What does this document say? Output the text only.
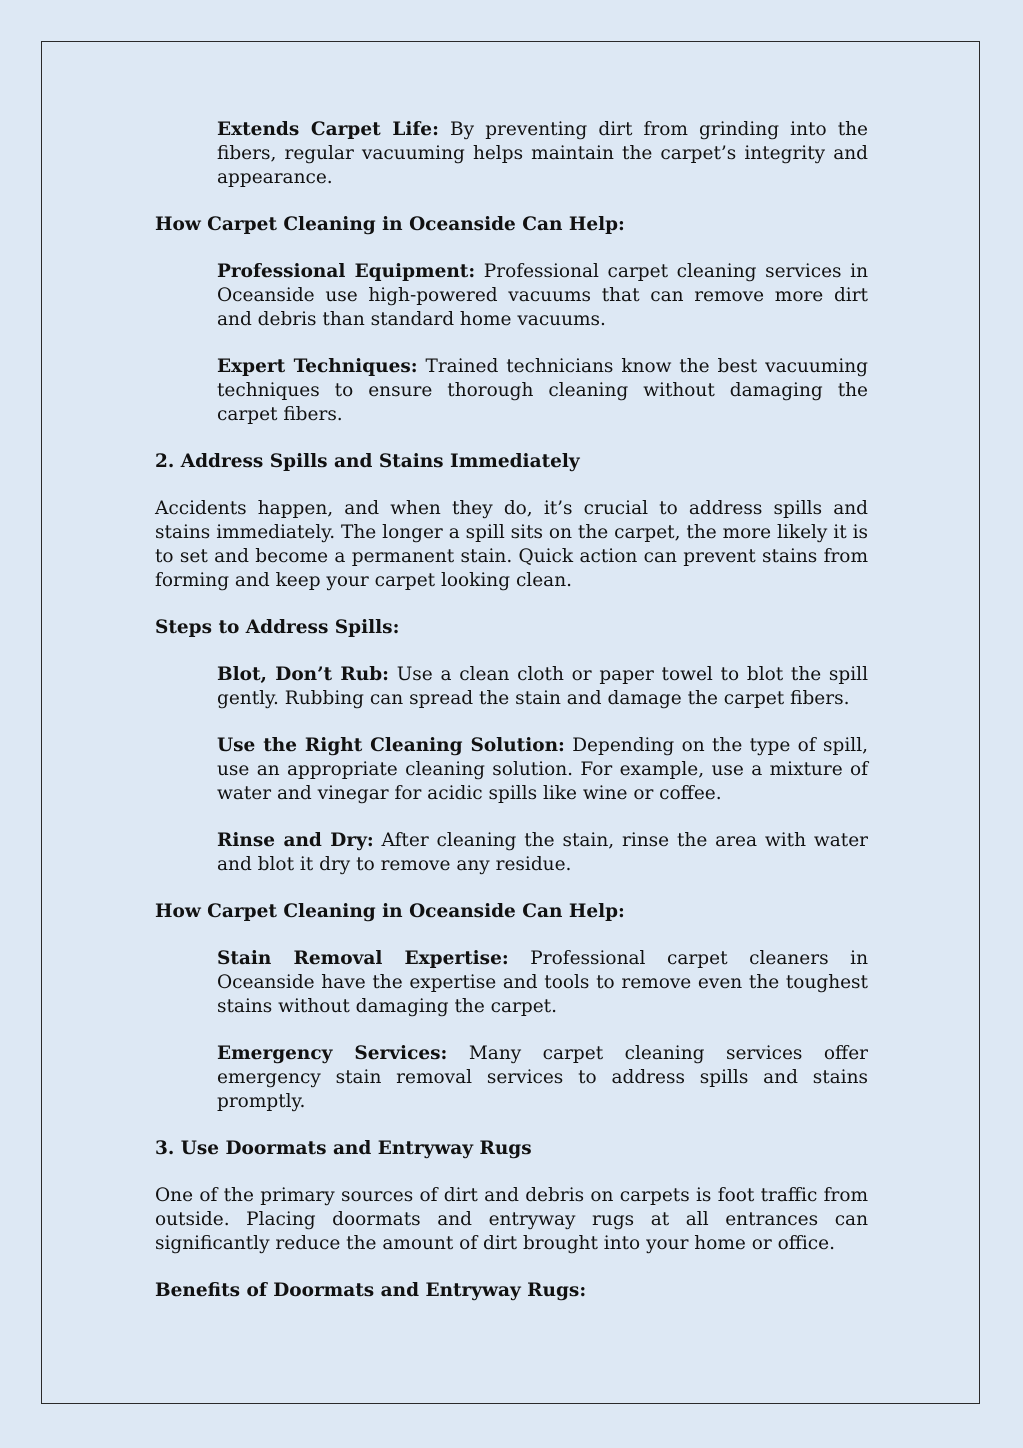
Extends Carpet Life: By preventing dirt from grinding into the fibers, regular vacuuming helps maintain the carpet’s integrity and appearance.

How Carpet Cleaning in Oceanside Can Help:

Professional Equipment: Professional carpet cleaning services in Oceanside use high-powered vacuums that can remove more dirt and debris than standard home vacuums.

Expert Techniques: Trained technicians know the best vacuuming techniques to ensure thorough cleaning without damaging the carpet fibers.

2. Address Spills and Stains Immediately

Accidents happen, and when they do, it’s crucial to address spills and stains immediately. The longer a spill sits on the carpet, the more likely it is to set and become a permanent stain. Quick action can prevent stains from forming and keep your carpet looking clean.

Steps to Address Spills:

Blot, Don’t Rub: Use a clean cloth or paper towel to blot the spill gently. Rubbing can spread the stain and damage the carpet fibers.

Use the Right Cleaning Solution: Depending on the type of spill, use an appropriate cleaning solution. For example, use a mixture of water and vinegar for acidic spills like wine or coffee.

Rinse and Dry: After cleaning the stain, rinse the area with water and blot it dry to remove any residue.

How Carpet Cleaning in Oceanside Can Help:

Stain Removal Expertise: Professional carpet cleaners in Oceanside have the expertise and tools to remove even the toughest stains without damaging the carpet.

Emergency Services: Many carpet cleaning services offer emergency stain removal services to address spills and stains promptly.

3. Use Doormats and Entryway Rugs

One of the primary sources of dirt and debris on carpets is foot traffic from outside. Placing doormats and entryway rugs at all entrances can significantly reduce the amount of dirt brought into your home or office.

Benefits of Doormats and Entryway Rugs:
